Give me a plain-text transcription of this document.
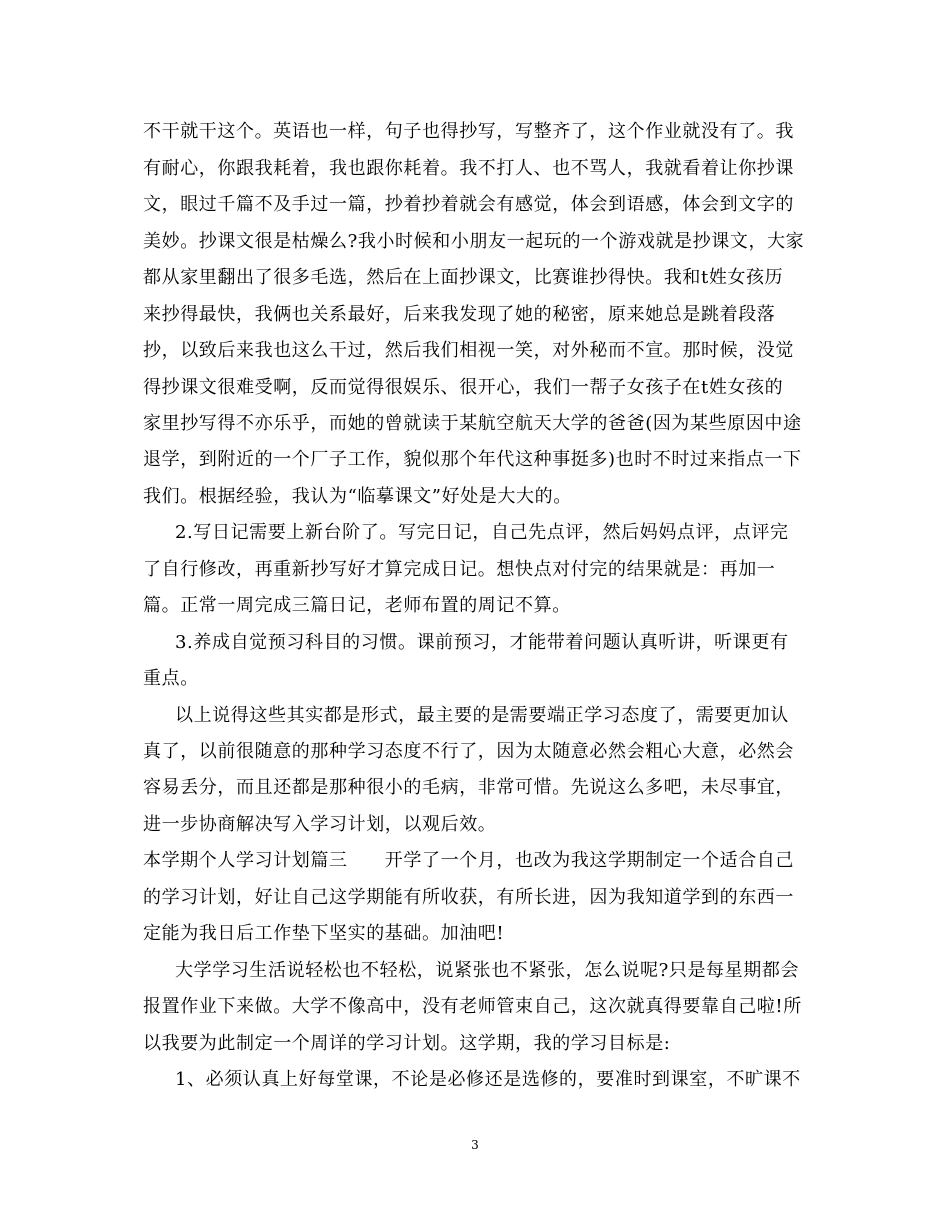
不干就干这个。英语也一样，句子也得抄写，写整齐了，这个作业就没有了。我
有耐心，你跟我耗着，我也跟你耗着。我不打人、也不骂人，我就看着让你抄课
文，眼过千篇不及手过一篇，抄着抄着就会有感觉，体会到语感，体会到文字的
美妙。抄课文很是枯燥么?我小时候和小朋友一起玩的一个游戏就是抄课文，大家
都从家里翻出了很多毛选，然后在上面抄课文，比赛谁抄得快。我和t姓女孩历
来抄得最快，我俩也关系最好，后来我发现了她的秘密，原来她总是跳着段落
抄，以致后来我也这么干过，然后我们相视一笑，对外秘而不宣。那时候，没觉
得抄课文很难受啊，反而觉得很娱乐、很开心，我们一帮子女孩子在t姓女孩的
家里抄写得不亦乐乎，而她的曾就读于某航空航天大学的爸爸(因为某些原因中途
退学，到附近的一个厂子工作，貌似那个年代这种事挺多)也时不时过来指点一下
我们。根据经验，我认为“临摹课文”好处是大大的。
2.写日记需要上新台阶了。写完日记，自己先点评，然后妈妈点评，点评完
了自行修改，再重新抄写好才算完成日记。想快点对付完的结果就是：再加一
篇。正常一周完成三篇日记，老师布置的周记不算。
3.养成自觉预习科目的习惯。课前预习，才能带着问题认真听讲，听课更有
重点。
以上说得这些其实都是形式，最主要的是需要端正学习态度了，需要更加认
真了，以前很随意的那种学习态度不行了，因为太随意必然会粗心大意，必然会
容易丢分，而且还都是那种很小的毛病，非常可惜。先说这么多吧，未尽事宜，
进一步协商解决写入学习计划，以观后效。
本学期个人学习计划篇三　　开学了一个月，也改为我这学期制定一个适合自己
的学习计划，好让自己这学期能有所收获，有所长进，因为我知道学到的东西一
定能为我日后工作垫下坚实的基础。加油吧!
大学学习生活说轻松也不轻松，说紧张也不紧张，怎么说呢?只是每星期都会
报置作业下来做。大学不像高中，没有老师管束自己，这次就真得要靠自己啦!所
以我要为此制定一个周详的学习计划。这学期，我的学习目标是:
1、必须认真上好每堂课，不论是必修还是选修的，要准时到课室，不旷课不
3
